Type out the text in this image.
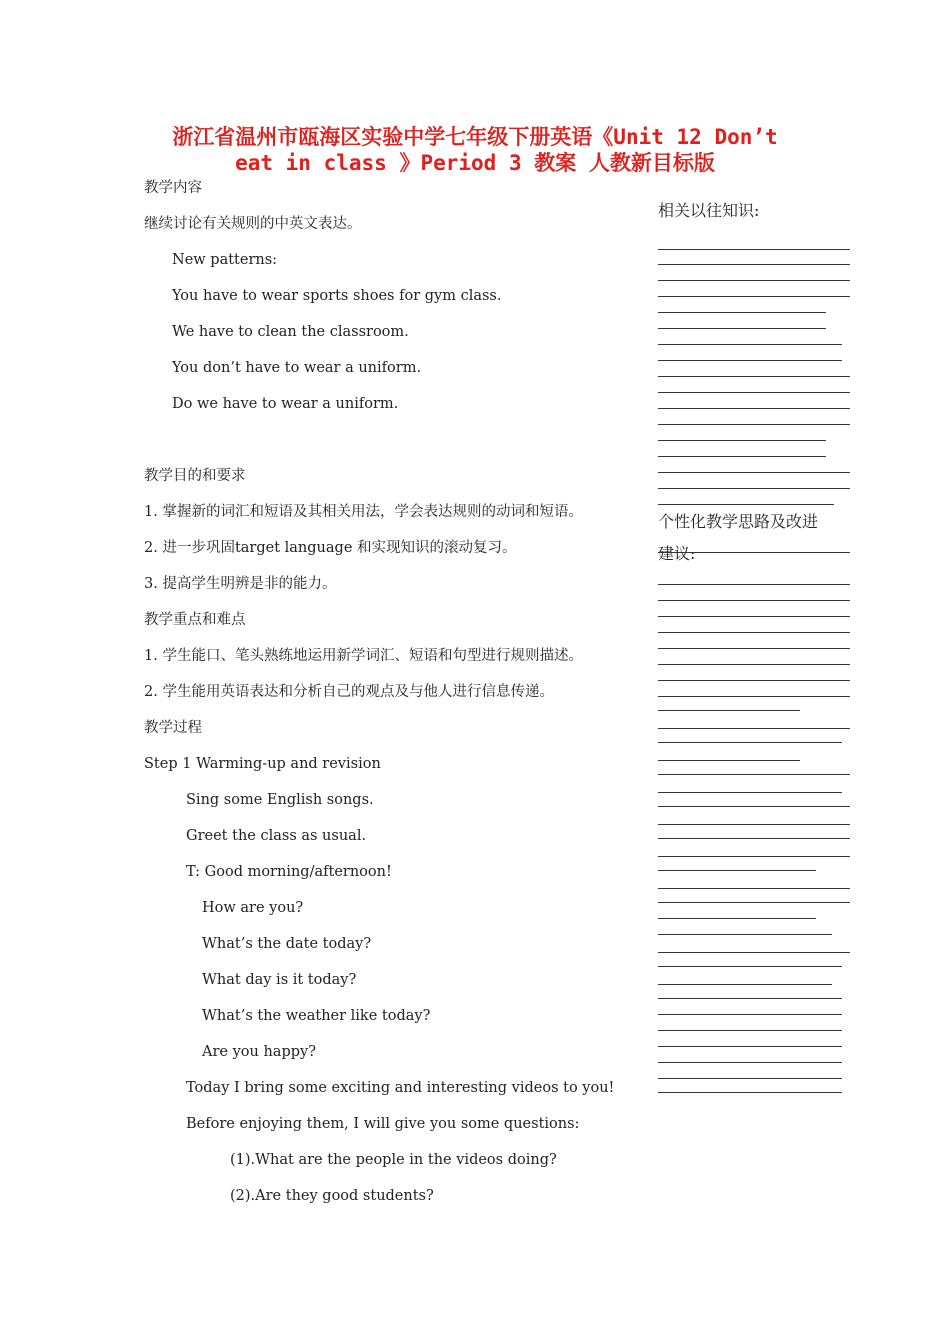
浙江省温州市瓯海区实验中学七年级下册英语《Unit 12 Don’t
eat in class 》Period 3 教案 人教新目标版
教学内容
继续讨论有关规则的中英文表达。
New patterns:
You have to wear sports shoes for gym class.
We have to clean the classroom.
You don’t have to wear a uniform.
Do we have to wear a uniform.
教学目的和要求
1. 掌握新的词汇和短语及其相关用法，学会表达规则的动词和短语。
2. 进一步巩固target language 和实现知识的滚动复习。
3. 提高学生明辨是非的能力。
教学重点和难点
1. 学生能口、笔头熟练地运用新学词汇、短语和句型进行规则描述。
2. 学生能用英语表达和分析自己的观点及与他人进行信息传递。
教学过程
Step 1 Warming-up and revision
Sing some English songs.
Greet the class as usual.
T: Good morning/afternoon!
How are you?
What’s the date today?
What day is it today?
What’s the weather like today?
Are you happy?
Today I bring some exciting and interesting videos to you!
Before enjoying them, I will give you some questions:
(1).What are the people in the videos doing?
(2).Are they good students?
相关以往知识:
个性化教学思路及改进
建议:
